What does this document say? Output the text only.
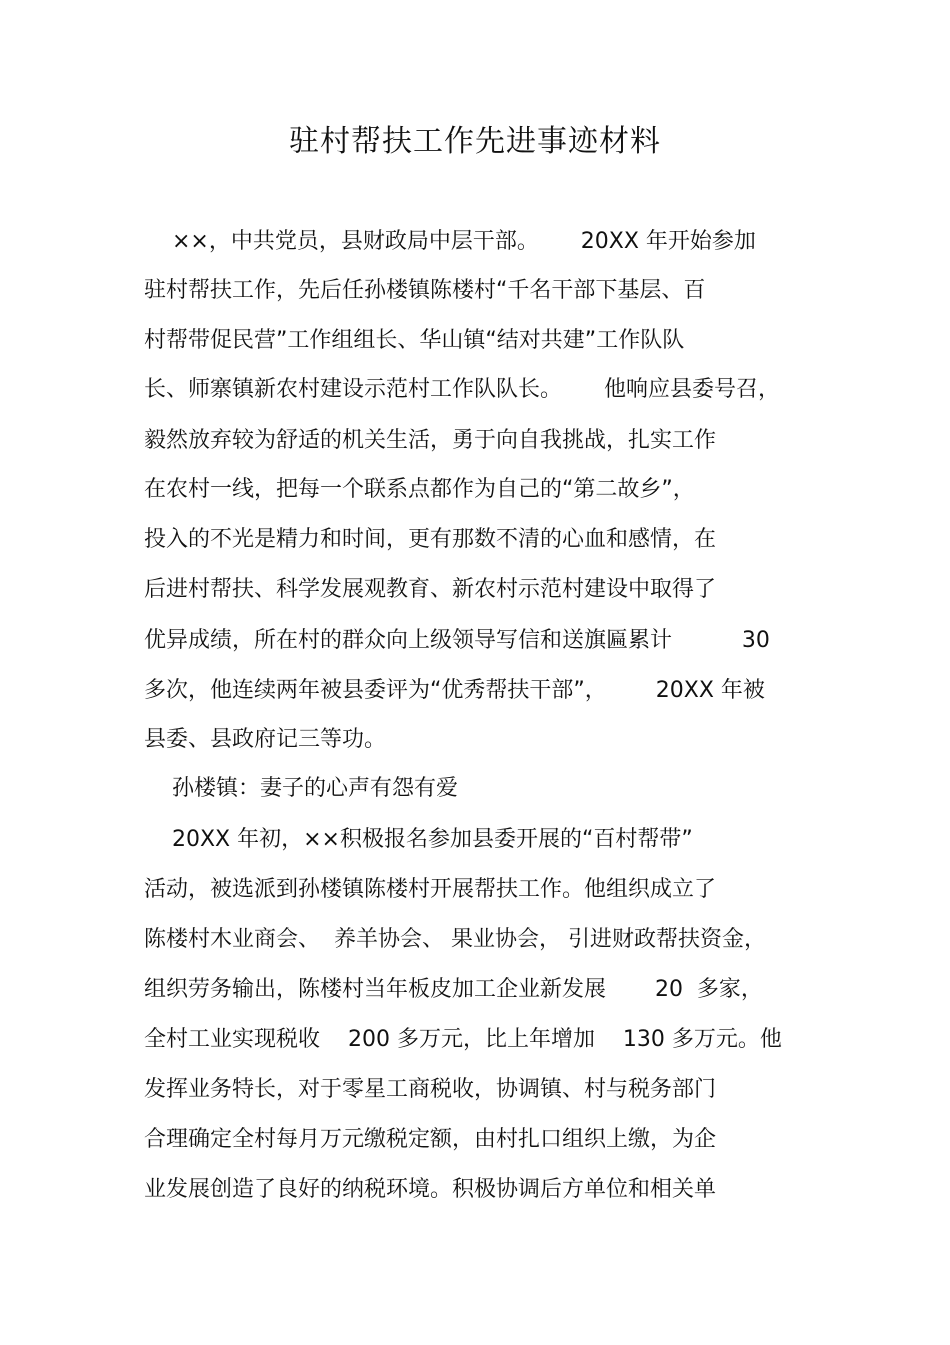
驻村帮扶工作先进事迹材料

××，中共党员，县财政局中层干部。      20XX 年开始参加

驻村帮扶工作，先后任孙楼镇陈楼村“千名干部下基层、百

村帮带促民营”工作组组长、华山镇“结对共建”工作队队

长、师寨镇新农村建设示范村工作队队长。      他响应县委号召，

毅然放弃较为舒适的机关生活，勇于向自我挑战，扎实工作

在农村一线，把每一个联系点都作为自己的“第二故乡”，

投入的不光是精力和时间，更有那数不清的心血和感情，在

后进村帮扶、科学发展观教育、新农村示范村建设中取得了

优异成绩，所在村的群众向上级领导写信和送旗匾累计          30

多次，他连续两年被县委评为“优秀帮扶干部”，       20XX 年被

县委、县政府记三等功。

孙楼镇：妻子的心声有怨有爱

20XX 年初，××积极报名参加县委开展的“百村帮带”

活动，被选派到孙楼镇陈楼村开展帮扶工作。他组织成立了

陈楼村木业商会、  养羊协会、 果业协会， 引进财政帮扶资金，

组织劳务输出，陈楼村当年板皮加工企业新发展       20  多家，

全村工业实现税收    200 多万元，比上年增加    130 多万元。他

发挥业务特长，对于零星工商税收，协调镇、村与税务部门

合理确定全村每月万元缴税定额，由村扎口组织上缴，为企

业发展创造了良好的纳税环境。积极协调后方单位和相关单
